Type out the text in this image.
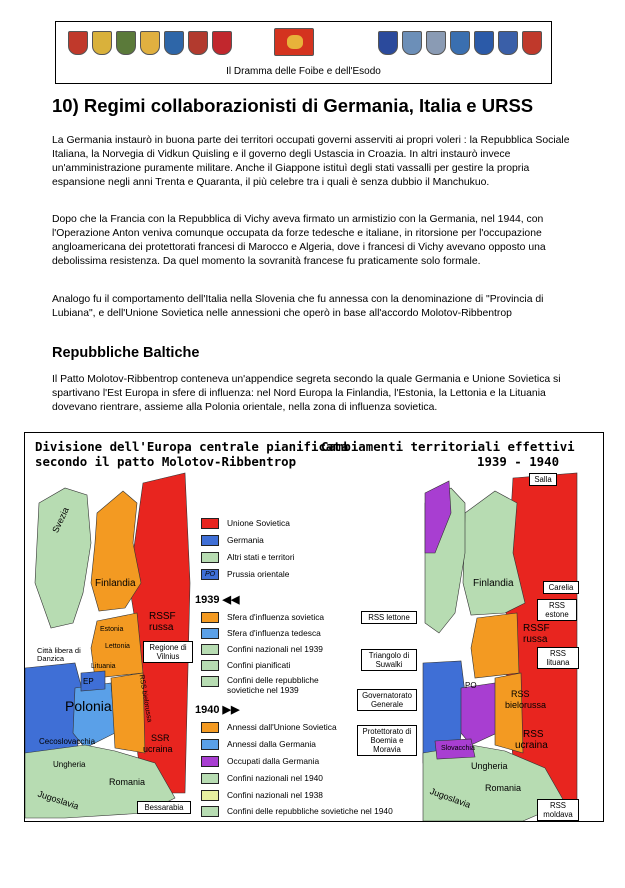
Il Dramma delle Foibe e dell'Esodo
10) Regimi collaborazionisti di Germania, Italia e URSS

La Germania instaurò in buona parte dei territori occupati governi asserviti ai propri voleri : la Repubblica Sociale Italiana, la Norvegia di Vidkun Quisling e il governo degli Ustascia in Croazia. In altri instaurò invece un'amministrazione puramente militare. Anche il Giappone istituì degli stati vassalli per gestire la propria espansione negli anni Trenta e Quaranta, il più celebre tra i quali è senza dubbio il Manchukuo.

Dopo che la Francia con la Repubblica di Vichy aveva firmato un armistizio con la Germania, nel 1944, con l'Operazione Anton veniva comunque occupata da forze tedesche e italiane, in ritorsione per l'occupazione angloamericana dei protettorati francesi di Marocco e Algeria, dove i francesi di Vichy avevano opposto una debolissima resistenza. Da quel momento la sovranità francese fu praticamente solo formale.

Analogo fu il comportamento dell'Italia nella Slovenia che fu annessa con la denominazione di "Provincia di Lubiana", e dell'Unione Sovietica nelle annessioni che operò in base all'accordo Molotov-Ribbentrop

Repubbliche Baltiche

Il Patto Molotov-Ribbentrop conteneva un'appendice segreta secondo la quale Germania e Unione Sovietica si spartivano l'Est Europa in sfere di influenza: nel Nord Europa la Finlandia, l'Estonia, la Lettonia e la Lituania dovevano rientrare, assieme alla Polonia orientale, nella zona di influenza sovietica.

Divisione dell'Europa centrale pianificata
secondo il patto Molotov-Ribbentrop
Cambiamenti territoriali effettivi
1939 - 1940
Unione Sovietica
Germania
Altri stati e territori
PO	Prussia orientale
1939 ◀◀
Sfera d'influenza sovietica
Sfera d'influenza tedesca
Confini nazionali nel 1939
Confini pianificati
Confini delle repubbliche sovietiche nel 1939
1940 ▶▶
Annessi dall'Unione Sovietica
Annessi dalla Germania
Occupati dalla Germania
Confini nazionali nel 1940
Confini nazionali nel 1938
Confini delle repubbliche sovietiche nel 1940
Svezia
Finlandia
Estonia
Lettonia
Lituania
RSSF
russa
EP
Polonia	RSS bielorussa
SSR
ucraina
Cecoslovacchia
Ungheria
Romania
Jugoslavia
Città libera di Danzica
Regione di Vilnius
Bessarabia
Salla
Finlandia	Carelia
RSS estone
RSS lettone
RSSF
russa
Triangolo di Suwalki
RSS lituana
PO
Governatorato Generale
RSS
bielorussa
Protettorato di Boemia e Moravia
RSS
ucraina
Slovacchia
Ungheria
Romania
Jugoslavia	RSS moldava
